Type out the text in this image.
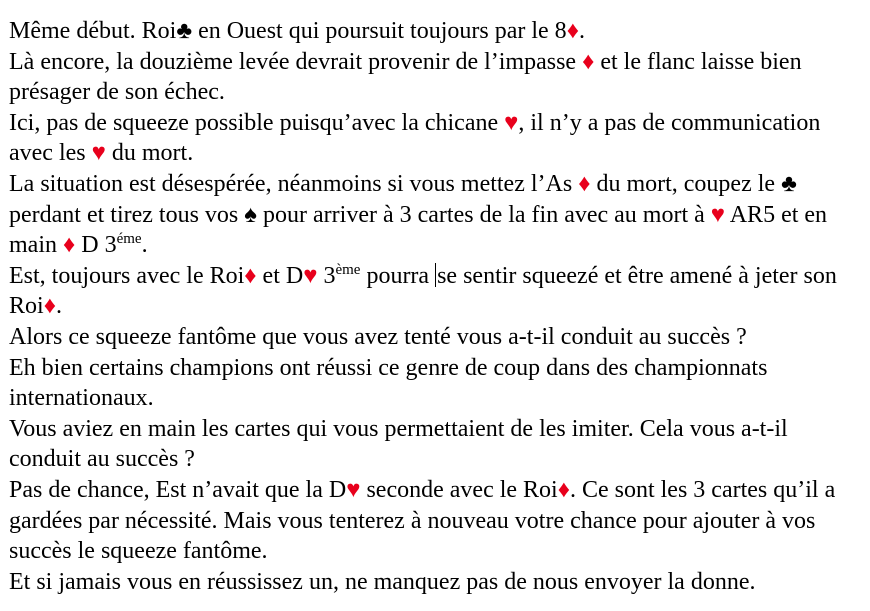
Même début. Roi♣ en Ouest qui poursuit toujours par le 8♦.

Là encore, la douzième levée devrait provenir de l’impasse ♦ et le flanc laisse bien présager de son échec.

Ici, pas de squeeze possible puisqu’avec la chicane ♥, il n’y a pas de communication avec les ♥ du mort.

La situation est désespérée, néanmoins si vous mettez l’As ♦ du mort, coupez le ♣ perdant et tirez tous vos ♠ pour arriver à 3 cartes de la fin avec au mort à ♥ AR5 et en main ♦ D $3^{éme}$.

Est, toujours avec le Roi♦ et D♥ 3ème pourra se sentir squeezé et être amené à jeter son Roi♦.

Alors ce squeeze fantôme que vous avez tenté vous a-t-il conduit au succès ?

Eh bien certains champions ont réussi ce genre de coup dans des championnats internationaux.

Vous aviez en main les cartes qui vous permettaient de les imiter. Cela vous a-t-il conduit au succès ?

Pas de chance, Est n’avait que la D♥ seconde avec le Roi♦. Ce sont les 3 cartes qu’il a gardées par nécessité. Mais vous tenterez à nouveau votre chance pour ajouter à vos succès le squeeze fantôme.

Et si jamais vous en réussissez un, ne manquez pas de nous envoyer la donne.
